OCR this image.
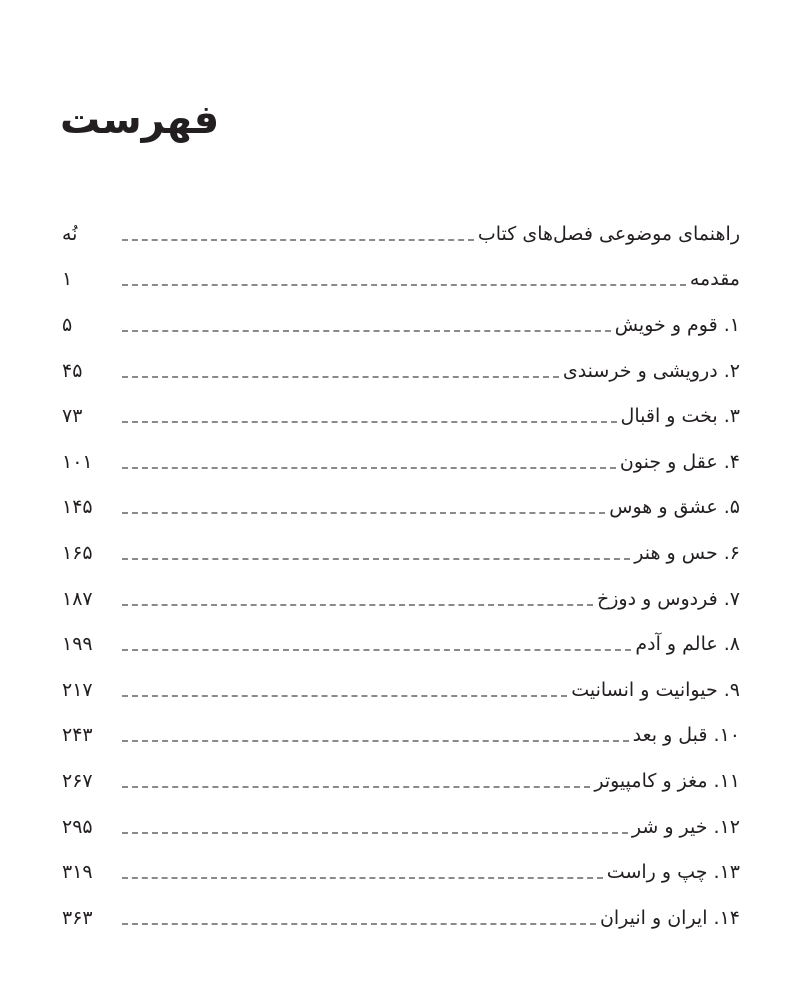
فهرست
راهنمای موضوعی فصل‌های کتاب
نُه
مقدمه
۱
۱. قوم و خویش
۵
۲. درویشی و خرسندی
۴۵
۳. بخت و اقبال
۷۳
۴. عقل و جنون
۱۰۱
۵. عشق و هوس
۱۴۵
۶. حس و هنر
۱۶۵
۷. فردوس و دوزخ
۱۸۷
۸. عالم و آدم
۱۹۹
۹. حیوانیت و انسانیت
۲۱۷
۱۰. قبل و بعد
۲۴۳
۱۱. مغز و کامپیوتر
۲۶۷
۱۲. خیر و شر
۲۹۵
۱۳. چپ و راست
۳۱۹
۱۴. ایران و انیران
۳۶۳
